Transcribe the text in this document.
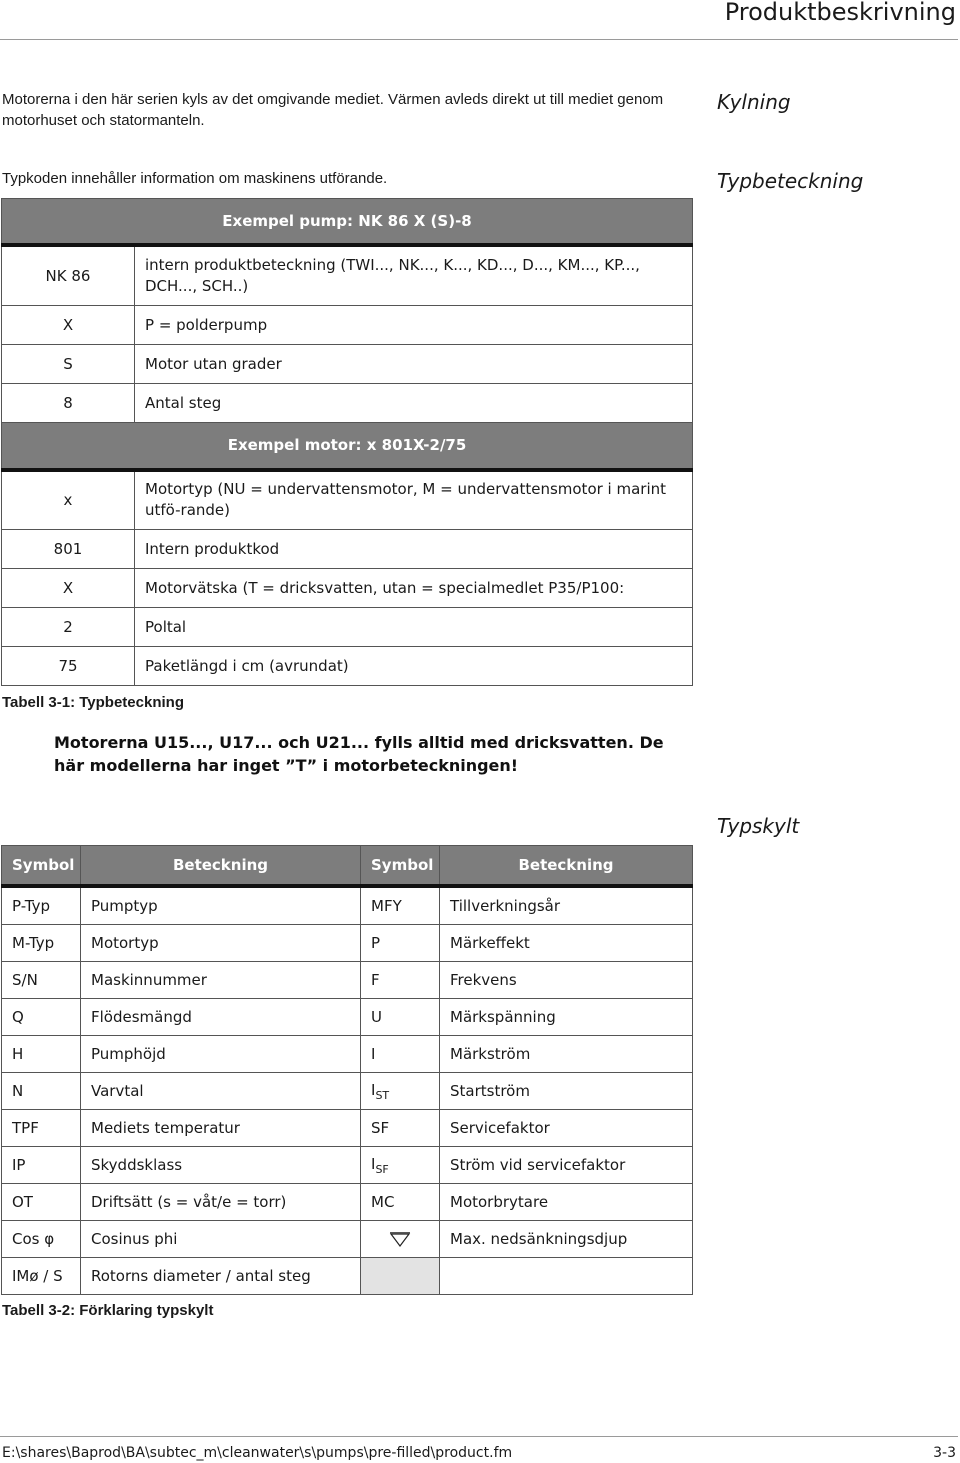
Produktbeskrivning
Motorerna i den här serien kyls av det omgivande mediet. Värmen avleds direkt ut till mediet genom motorhuset och statormanteln.
Kylning
Typkoden innehåller information om maskinens utförande.	Typbeteckning
Exempel pump: NK 86 X (S)-8	
NK 86	intern produktbeteckning (TWI..., NK..., K..., KD..., D..., KM..., KP..., DCH..., SCH..)
X	P = polderpump
S	Motor utan grader
8	Antal steg
Exempel motor: x 801X-2/75	
x	Motortyp (NU = undervattensmotor, M = undervattensmotor i marint utfö-rande)
801	Intern produktkod
X	Motorvätska (T = dricksvatten, utan = specialmedlet P35/P100:
2	Poltal
75	Paketlängd i cm (avrundat)
Tabell 3-1: Typbeteckning
Motorerna U15..., U17... och U21... fylls alltid med dricksvatten. De här modellerna har inget ”T” i motorbeteckningen!
Typskylt
Symbol	Beteckning	Symbol	Beteckning
P-Typ	Pumptyp	MFY	Tillverkningsår
M-Typ	Motortyp	P	Märkeffekt
S/N	Maskinnummer	F	Frekvens
Q	Flödesmängd	U	Märkspänning
H	Pumphöjd	I	Märkström
N	Varvtal	$I_{ST}$	Startström
TPF	Mediets temperatur	SF	Servicefaktor
IP	Skyddsklass	$I_{SF}$	Ström vid servicefaktor
OT	Driftsätt (s = våt/e = torr)	MC	Motorbrytare
Cos φ	Cosinus phi		Max. nedsänkningsdjup
IMø / S	Rotorns diameter / antal steg		
Tabell 3-2: Förklaring typskylt
E:\shares\Baprod\BA\subtec_m\cleanwater\s\pumps\pre-filled\product.fm	3-3
